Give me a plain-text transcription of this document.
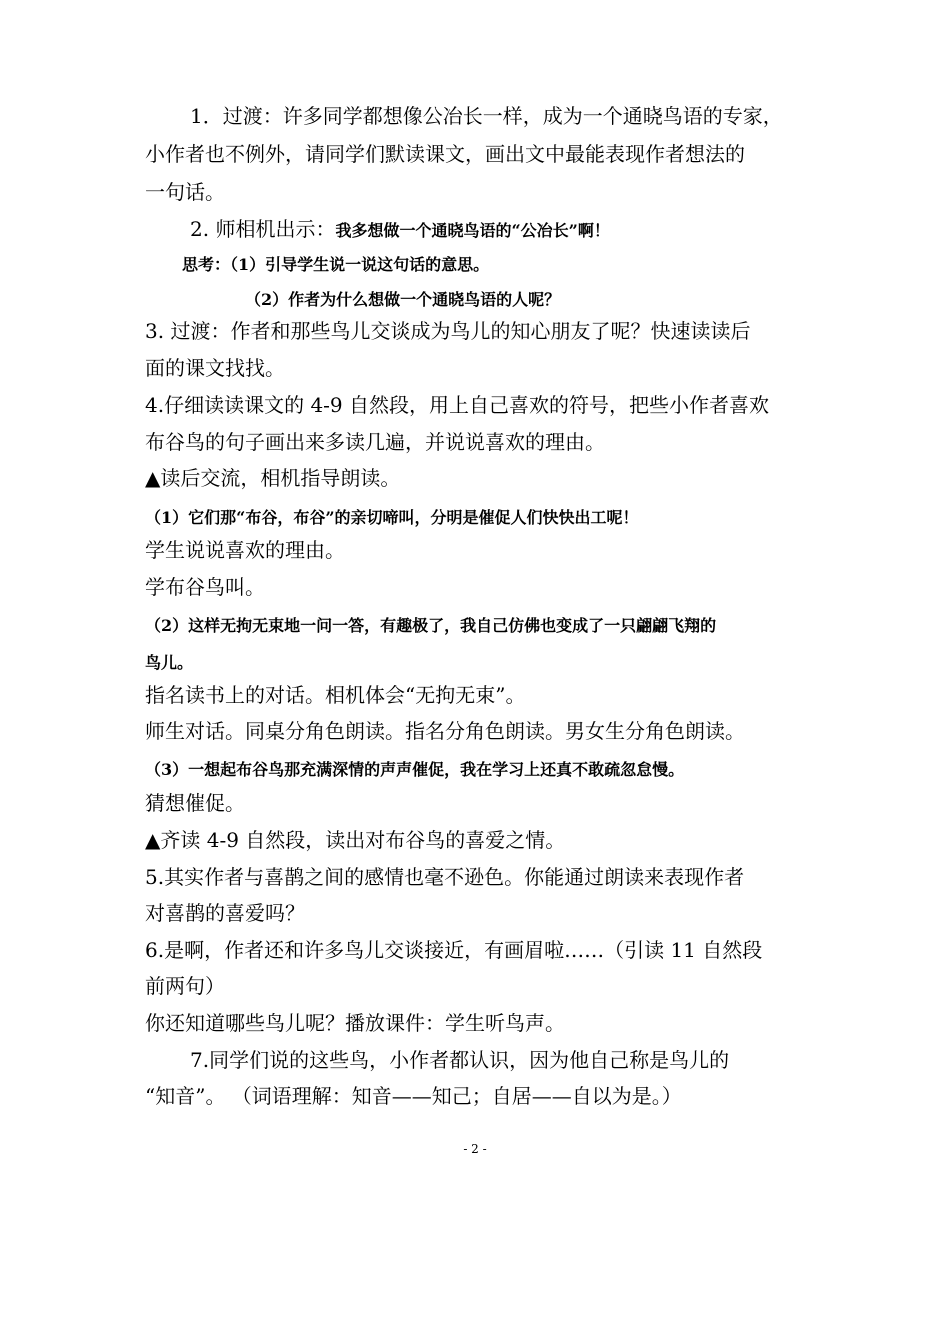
1．过渡：许多同学都想像公冶长一样，成为一个通晓鸟语的专家，
小作者也不例外，请同学们默读课文，画出文中最能表现作者想法的
一句话。
2. 师相机出示：我多想做一个通晓鸟语的“公冶长”啊！
思考：（1）引导学生说一说这句话的意思。
（2）作者为什么想做一个通晓鸟语的人呢？
3. 过渡：作者和那些鸟儿交谈成为鸟儿的知心朋友了呢？快速读读后
面的课文找找。
4.仔细读读课文的 4-9 自然段，用上自己喜欢的符号，把些小作者喜欢
布谷鸟的句子画出来多读几遍，并说说喜欢的理由。
▲读后交流，相机指导朗读。
（1）它们那“布谷，布谷”的亲切啼叫，分明是催促人们快快出工呢！
学生说说喜欢的理由。
学布谷鸟叫。
（2）这样无拘无束地一问一答，有趣极了，我自己仿佛也变成了一只翩翩飞翔的
鸟儿。
指名读书上的对话。相机体会“无拘无束”。
师生对话。同桌分角色朗读。指名分角色朗读。男女生分角色朗读。
（3）一想起布谷鸟那充满深情的声声催促，我在学习上还真不敢疏忽怠慢。
猜想催促。
▲齐读 4-9 自然段，读出对布谷鸟的喜爱之情。
5.其实作者与喜鹊之间的感情也毫不逊色。你能通过朗读来表现作者
对喜鹊的喜爱吗？
6.是啊，作者还和许多鸟儿交谈接近，有画眉啦……（引读 11 自然段
前两句）
你还知道哪些鸟儿呢？播放课件：学生听鸟声。
7.同学们说的这些鸟，小作者都认识，因为他自己称是鸟儿的
“知音”。 （词语理解：知音——知己；自居——自以为是。）
- 2 -
